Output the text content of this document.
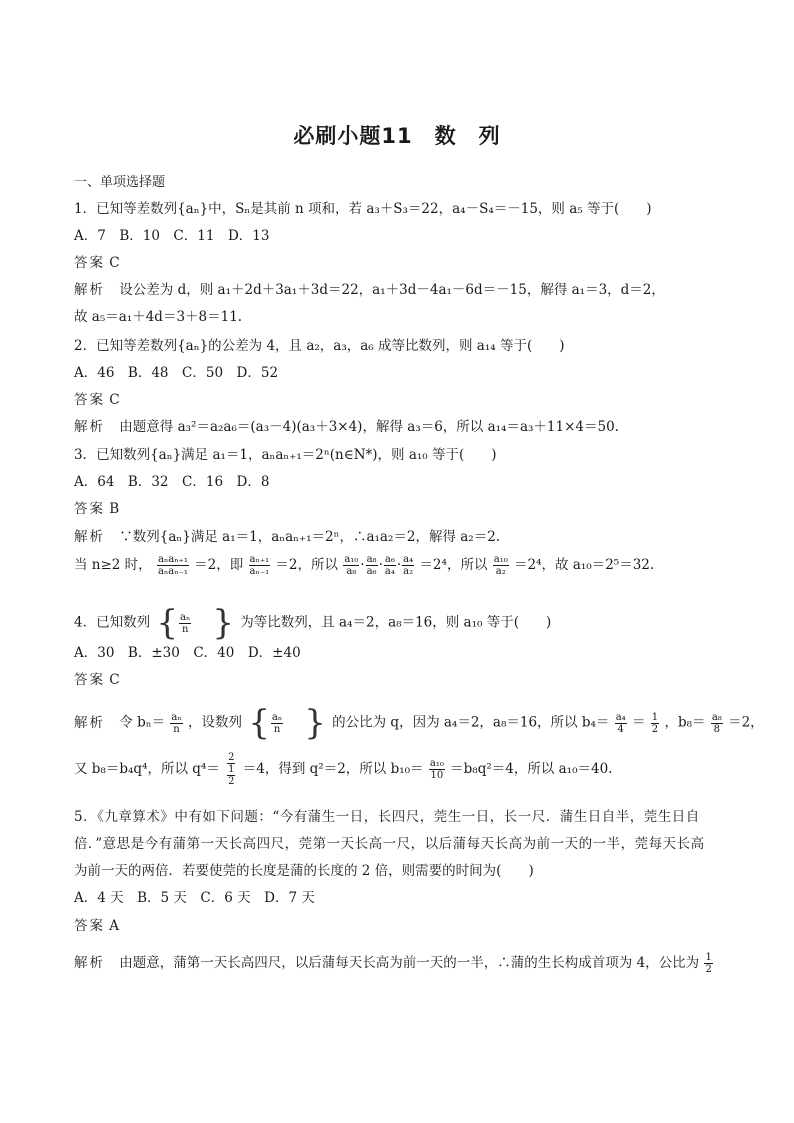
必刷小题11　数　列
一、单项选择题
1．已知等差数列{aₙ}中，Sₙ是其前 n 项和，若 a₃＋S₃＝22，a₄－S₄＝－15，则 a₅ 等于(　　)
A．7　B．10　C．11　D．13
答案 C
解析 设公差为 d，则 a₁＋2d＋3a₁＋3d＝22，a₁＋3d－4a₁－6d＝－15，解得 a₁＝3，d＝2，
故 a₅＝a₁＋4d＝3＋8＝11.
2．已知等差数列{aₙ}的公差为 4，且 a₂，a₃，a₆ 成等比数列，则 a₁₄ 等于(　　)
A．46　B．48　C．50　D．52
答案 C
解析 由题意得 a₃²＝a₂a₆＝(a₃－4)(a₃＋3×4)，解得 a₃＝6，所以 a₁₄＝a₃＋11×4＝50.
3．已知数列{aₙ}满足 a₁＝1，aₙaₙ₊₁＝2ⁿ(n∈N*)，则 a₁₀ 等于(　　)
A．64　B．32　C．16　D．8
答案 B
解析 ∵数列{aₙ}满足 a₁＝1，aₙaₙ₊₁＝2ⁿ，∴a₁a₂＝2，解得 a₂＝2.
当 n≥2 时， aₙaₙ₊₁
aₙaₙ₋₁ ＝2，即 $\frac{\text{aₙ₊₁}}{\text{aₙ₋₁}} =2$，所以 $\frac{\text{a₁₀}}{\text{a₈}} \cdot \frac{\text{a₈}}{\text{a₆}} \cdot \frac{\text{a₆}}{\text{a₄}} \cdot \frac{\text{a₄}}{\text{a₂}} =2^4$，所以 $\frac{\text{a₁₀}}{\text{a₂}} =2^4$，故 a₁₀＝2⁵＝32.
4．已知数列 { $\frac{\text{aₙ}}{n}$ } 为等比数列，且 a₄＝2，a₈＝16，则 a₁₀ 等于(　　)
A．30　B．±30　C．40　D．±40
答案 C
解析 令 $b_n= \frac{\text{aₙ}}{n}$ ，设数列 { $\frac{\text{aₙ}}{n}$ } 的公比为 q，因为 a₄＝2，a₈＝16，所以 $b_4= \frac{\text{a₄}}{4} = \frac{1}{2}$ ，$b_8= \frac{\text{a₈}}{8} =2$，
又 b₈＝b₄q⁴，所以 $q^4= \frac{2}{\frac{1}{2}} =4$，得到 q²＝2，所以 $b_{10}= \frac{\text{a₁₀}}{10} =b_8q^2=4$，所以 a₁₀＝40.
5．《九章算术》中有如下问题：“今有蒲生一日，长四尺，莞生一日，长一尺．蒲生日自半，莞生日自
倍．”意思是今有蒲第一天长高四尺，莞第一天长高一尺，以后蒲每天长高为前一天的一半，莞每天长高
为前一天的两倍．若要使莞的长度是蒲的长度的 2 倍，则需要的时间为(　　)
A．4 天　B．5 天　C．6 天　D．7 天
答案 A
解析 由题意，蒲第一天长高四尺，以后蒲每天长高为前一天的一半，∴蒲的生长构成首项为 4，公比为 $\frac{1}{2}$
